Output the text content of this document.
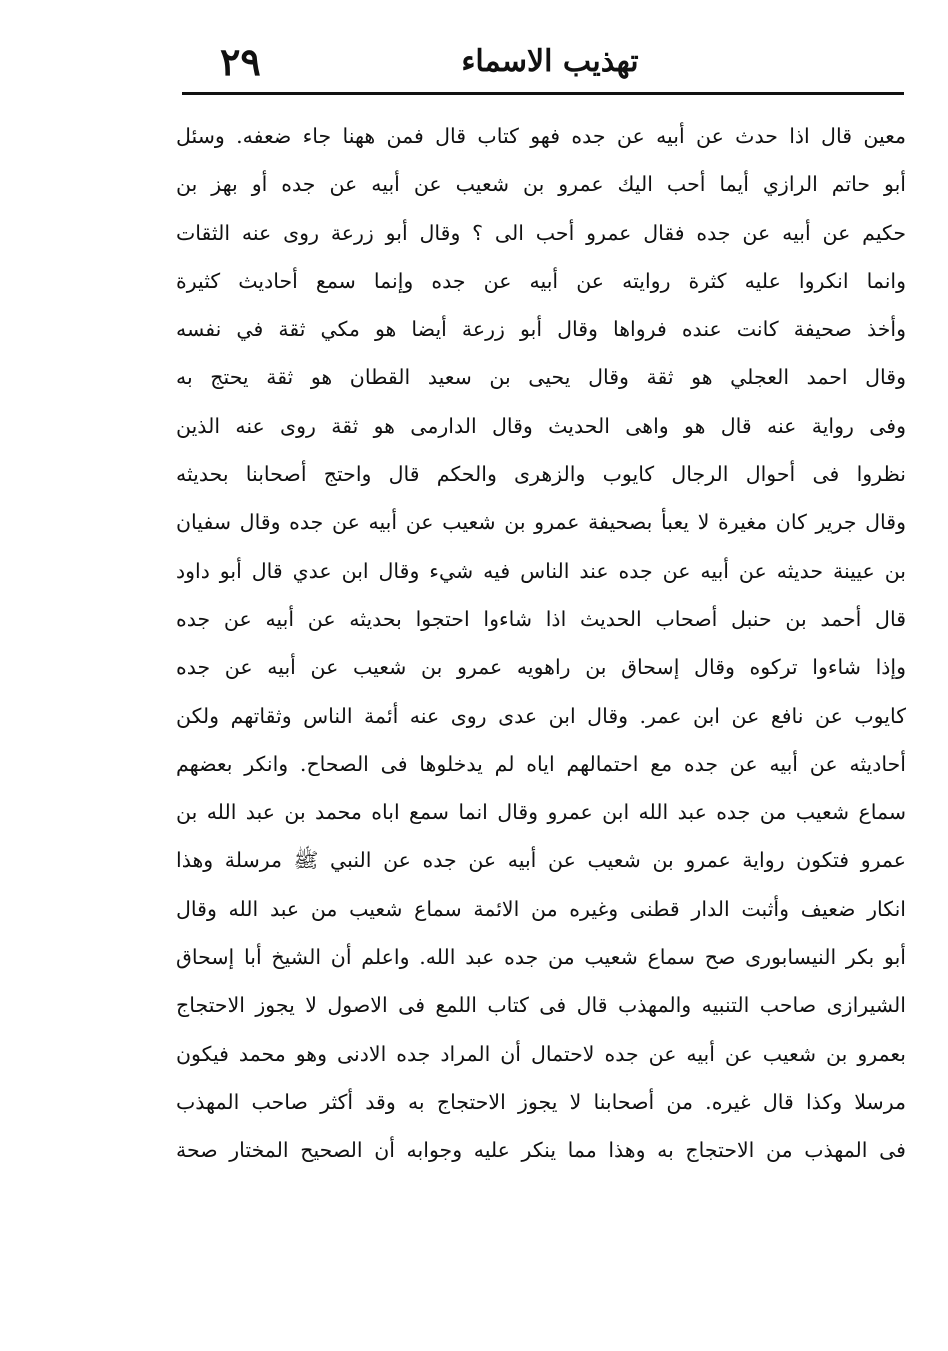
٢٩	تهذيب الاسماء
معين قال اذا حدث عن أبيه عن جده فهو كتاب قال فمن ههنا جاء ضعفه. وسئل
أبو حاتم الرازي أيما أحب اليك عمرو بن شعيب عن أبيه عن جده أو بهز بن
حكيم عن أبيه عن جده فقال عمرو أحب الى ؟ وقال أبو زرعة روى عنه الثقات
وانما انكروا عليه كثرة روايته عن أبيه عن جده وإنما سمع أحاديث كثيرة
وأخذ صحيفة كانت عنده فرواها وقال أبو زرعة أيضا هو مكي ثقة في نفسه
وقال احمد العجلي هو ثقة وقال يحيى بن سعيد القطان هو ثقة يحتج به
وفى رواية عنه قال هو واهى الحديث وقال الدارمى هو ثقة روى عنه الذين
نظروا فى أحوال الرجال كايوب والزهرى والحكم قال واحتج أصحابنا بحديثه
وقال جرير كان مغيرة لا يعبأ بصحيفة عمرو بن شعيب عن أبيه عن جده وقال سفيان
بن عيينة حديثه عن أبيه عن جده عند الناس فيه شيء وقال ابن عدي قال أبو داود
قال أحمد بن حنبل أصحاب الحديث اذا شاءوا احتجوا بحديثه عن أبيه عن جده
وإذا شاءوا تركوه وقال إسحاق بن راهويه عمرو بن شعيب عن أبيه عن جده
كايوب عن نافع عن ابن عمر. وقال ابن عدى روى عنه أئمة الناس وثقاتهم ولكن
أحاديثه عن أبيه عن جده مع احتمالهم اياه لم يدخلوها فى الصحاح. وانكر بعضهم
سماع شعيب من جده عبد الله ابن عمرو وقال انما سمع اباه محمد بن عبد الله بن
عمرو فتكون رواية عمرو بن شعيب عن أبيه عن جده عن النبي ﷺ مرسلة وهذا
انكار ضعيف وأثبت الدار قطنى وغيره من الائمة سماع شعيب من عبد الله وقال
أبو بكر النيسابورى صح سماع شعيب من جده عبد الله. واعلم أن الشيخ أبا إسحاق
الشيرازى صاحب التنبيه والمهذب قال فى كتاب اللمع فى الاصول لا يجوز الاحتجاج
بعمرو بن شعيب عن أبيه عن جده لاحتمال أن المراد جده الادنى وهو محمد فيكون
مرسلا وكذا قال غيره. من أصحابنا لا يجوز الاحتجاج به وقد أكثر صاحب المهذب
فى المهذب من الاحتجاج به وهذا مما ينكر عليه وجوابه أن الصحيح المختار صحة
